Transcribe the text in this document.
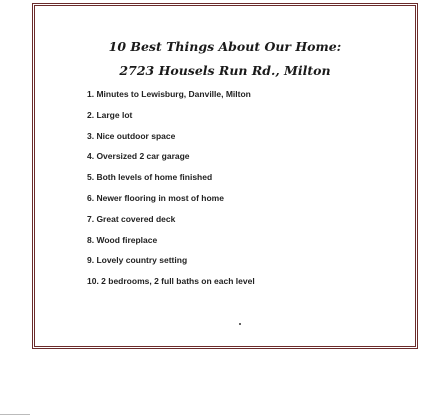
10 Best Things About Our Home:
2723 Housels Run Rd., Milton
1. Minutes to Lewisburg, Danville, Milton
2. Large lot
3. Nice outdoor space
4. Oversized 2 car garage
5. Both levels of home finished
6. Newer flooring in most of home
7. Great covered deck
8. Wood fireplace
9. Lovely country setting
10. 2 bedrooms, 2 full baths on each level
